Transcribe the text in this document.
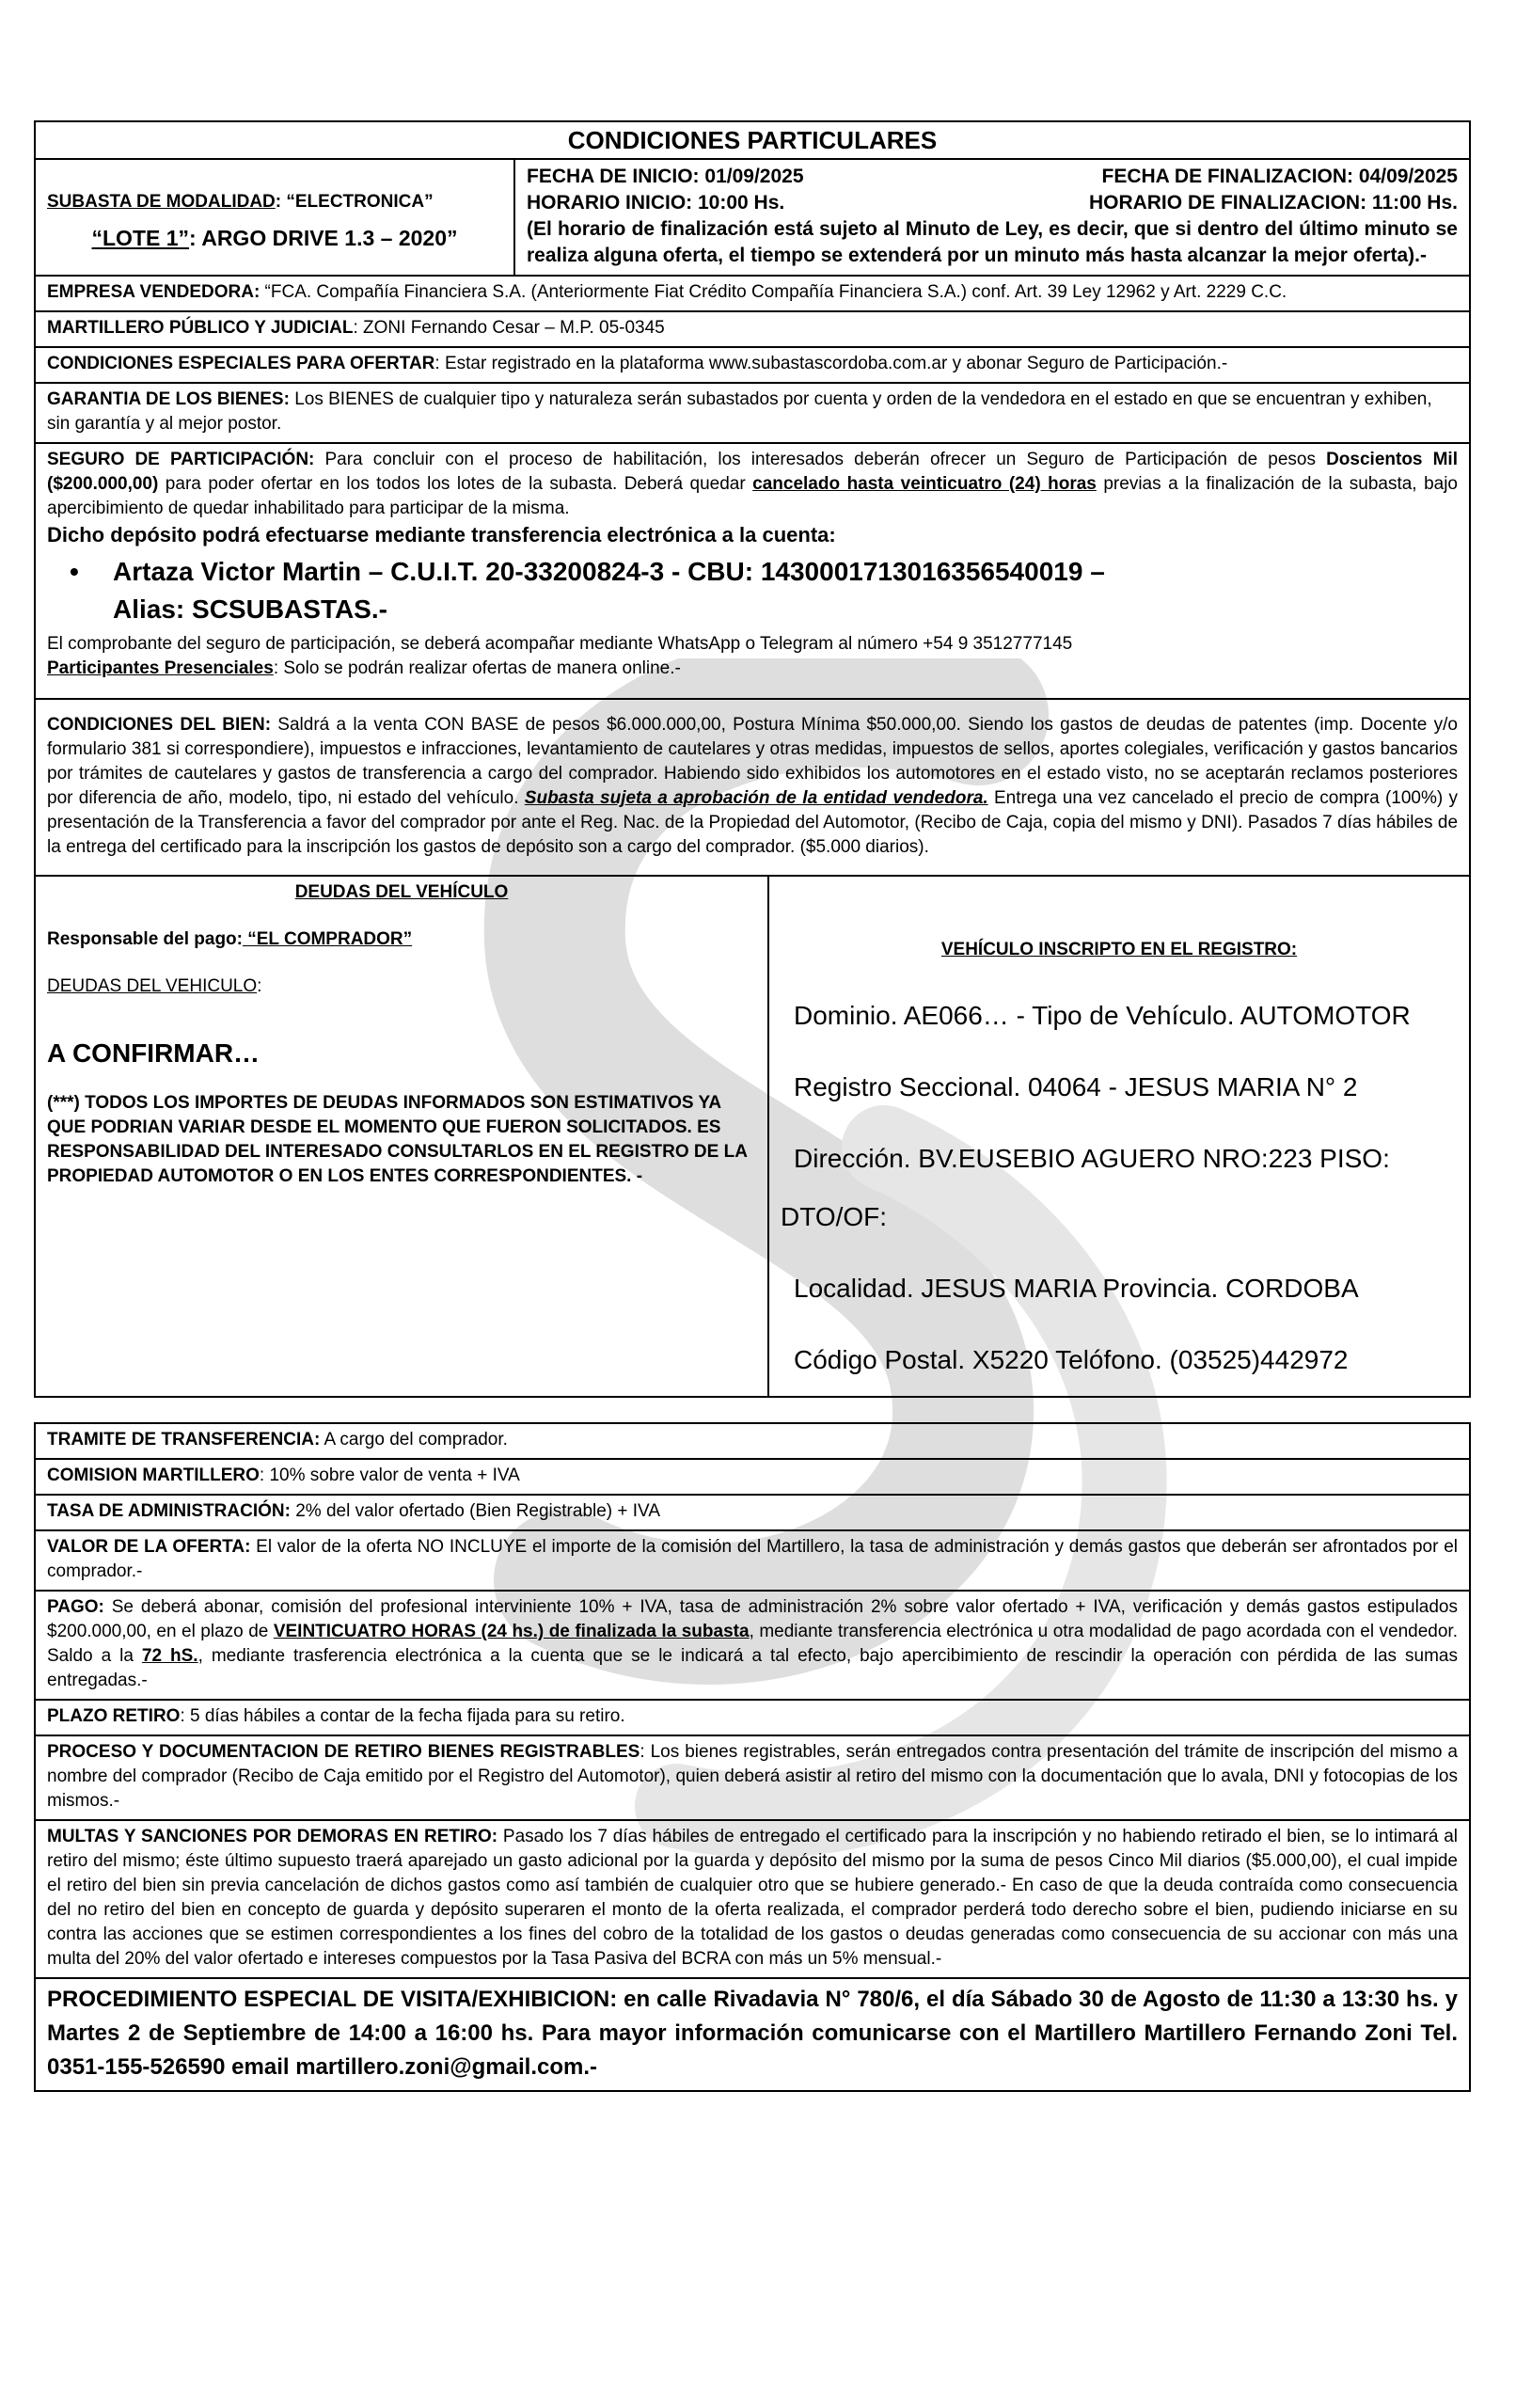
CONDICIONES PARTICULARES
SUBASTA DE MODALIDAD: “ELECTRONICA”
“LOTE 1”: ARGO DRIVE 1.3 – 2020”
FECHA DE INICIO: 01/09/2025	FECHA DE FINALIZACION: 04/09/2025
HORARIO INICIO: 10:00 Hs.	HORARIO DE FINALIZACION: 11:00 Hs.
(El horario de finalización está sujeto al Minuto de Ley, es decir, que si dentro del último minuto se realiza alguna oferta, el tiempo se extenderá por un minuto más hasta alcanzar la mejor oferta).-
EMPRESA VENDEDORA: “FCA. Compañía Financiera S.A. (Anteriormente Fiat Crédito Compañía Financiera S.A.) conf. Art. 39 Ley 12962 y Art. 2229 C.C.
MARTILLERO PÚBLICO Y JUDICIAL: ZONI Fernando Cesar – M.P. 05-0345
CONDICIONES ESPECIALES PARA OFERTAR: Estar registrado en la plataforma www.subastascordoba.com.ar y abonar Seguro de Participación.-
GARANTIA DE LOS BIENES: Los BIENES de cualquier tipo y naturaleza serán subastados por cuenta y orden de la vendedora en el estado en que se encuentran y exhiben, sin garantía y al mejor postor.
SEGURO DE PARTICIPACIÓN: Para concluir con el proceso de habilitación, los interesados deberán ofrecer un Seguro de Participación de pesos Doscientos Mil ($200.000,00) para poder ofertar en los todos los lotes de la subasta. Deberá quedar cancelado hasta veinticuatro (24) horas previas a la finalización de la subasta, bajo apercibimiento de quedar inhabilitado para participar de la misma.
Dicho depósito podrá efectuarse mediante transferencia electrónica a la cuenta:
• Artaza Victor Martin – C.U.I.T. 20-33200824-3 - CBU: 1430001713016356540019 –
Alias: SCSUBASTAS.-
El comprobante del seguro de participación, se deberá acompañar mediante WhatsApp o Telegram al número +54 9 3512777145
Participantes Presenciales: Solo se podrán realizar ofertas de manera online.-
CONDICIONES DEL BIEN: Saldrá a la venta CON BASE de pesos $6.000.000,00, Postura Mínima $50.000,00. Siendo los gastos de deudas de patentes (imp. Docente y/o formulario 381 si correspondiere), impuestos e infracciones, levantamiento de cautelares y otras medidas, impuestos de sellos, aportes colegiales, verificación y gastos bancarios por trámites de cautelares y gastos de transferencia a cargo del comprador. Habiendo sido exhibidos los automotores en el estado visto, no se aceptarán reclamos posteriores por diferencia de año, modelo, tipo, ni estado del vehículo. Subasta sujeta a aprobación de la entidad vendedora. Entrega una vez cancelado el precio de compra (100%) y presentación de la Transferencia a favor del comprador por ante el Reg. Nac. de la Propiedad del Automotor, (Recibo de Caja, copia del mismo y DNI). Pasados 7 días hábiles de la entrega del certificado para la inscripción los gastos de depósito son a cargo del comprador. ($5.000 diarios).
DEUDAS DEL VEHÍCULO
Responsable del pago: “EL COMPRADOR”
DEUDAS DEL VEHICULO:
A CONFIRMAR…
(***) TODOS LOS IMPORTES DE DEUDAS INFORMADOS SON ESTIMATIVOS YA QUE PODRIAN VARIAR DESDE EL MOMENTO QUE FUERON SOLICITADOS. ES RESPONSABILIDAD DEL INTERESADO CONSULTARLOS EN EL REGISTRO DE LA PROPIEDAD AUTOMOTOR O EN LOS ENTES CORRESPONDIENTES. -
VEHÍCULO INSCRIPTO EN EL REGISTRO:
Dominio. AE066… - Tipo de Vehículo. AUTOMOTOR
Registro Seccional. 04064 - JESUS MARIA N° 2
Dirección. BV.EUSEBIO AGUERO NRO:223 PISO:
DTO/OF:
Localidad. JESUS MARIA Provincia. CORDOBA
Código Postal. X5220 Telófono. (03525)442972
TRAMITE DE TRANSFERENCIA: A cargo del comprador.
COMISION MARTILLERO: 10% sobre valor de venta + IVA
TASA DE ADMINISTRACIÓN: 2% del valor ofertado (Bien Registrable) + IVA
VALOR DE LA OFERTA: El valor de la oferta NO INCLUYE el importe de la comisión del Martillero, la tasa de administración y demás gastos que deberán ser afrontados por el comprador.-
PAGO: Se deberá abonar, comisión del profesional interviniente 10% + IVA, tasa de administración 2% sobre valor ofertado + IVA, verificación y demás gastos estipulados $200.000,00, en el plazo de VEINTICUATRO HORAS (24 hs.) de finalizada la subasta, mediante transferencia electrónica u otra modalidad de pago acordada con el vendedor. Saldo a la 72 hS., mediante trasferencia electrónica a la cuenta que se le indicará a tal efecto, bajo apercibimiento de rescindir la operación con pérdida de las sumas entregadas.-
PLAZO RETIRO: 5 días hábiles a contar de la fecha fijada para su retiro.
PROCESO Y DOCUMENTACION DE RETIRO BIENES REGISTRABLES: Los bienes registrables, serán entregados contra presentación del trámite de inscripción del mismo a nombre del comprador (Recibo de Caja emitido por el Registro del Automotor), quien deberá asistir al retiro del mismo con la documentación que lo avala, DNI y fotocopias de los mismos.-
MULTAS Y SANCIONES POR DEMORAS EN RETIRO: Pasado los 7 días hábiles de entregado el certificado para la inscripción y no habiendo retirado el bien, se lo intimará al retiro del mismo; éste último supuesto traerá aparejado un gasto adicional por la guarda y depósito del mismo por la suma de pesos Cinco Mil diarios ($5.000,00), el cual impide el retiro del bien sin previa cancelación de dichos gastos como así también de cualquier otro que se hubiere generado.- En caso de que la deuda contraída como consecuencia del no retiro del bien en concepto de guarda y depósito superaren el monto de la oferta realizada, el comprador perderá todo derecho sobre el bien, pudiendo iniciarse en su contra las acciones que se estimen correspondientes a los fines del cobro de la totalidad de los gastos o deudas generadas como consecuencia de su accionar con más una multa del 20% del valor ofertado e intereses compuestos por la Tasa Pasiva del BCRA con más un 5% mensual.-
PROCEDIMIENTO ESPECIAL DE VISITA/EXHIBICION: en calle Rivadavia N° 780/6, el día Sábado 30 de Agosto de 11:30 a 13:30 hs. y Martes 2 de Septiembre de 14:00 a 16:00 hs. Para mayor información comunicarse con el Martillero Martillero Fernando Zoni Tel. 0351-155-526590 email martillero.zoni@gmail.com.-
